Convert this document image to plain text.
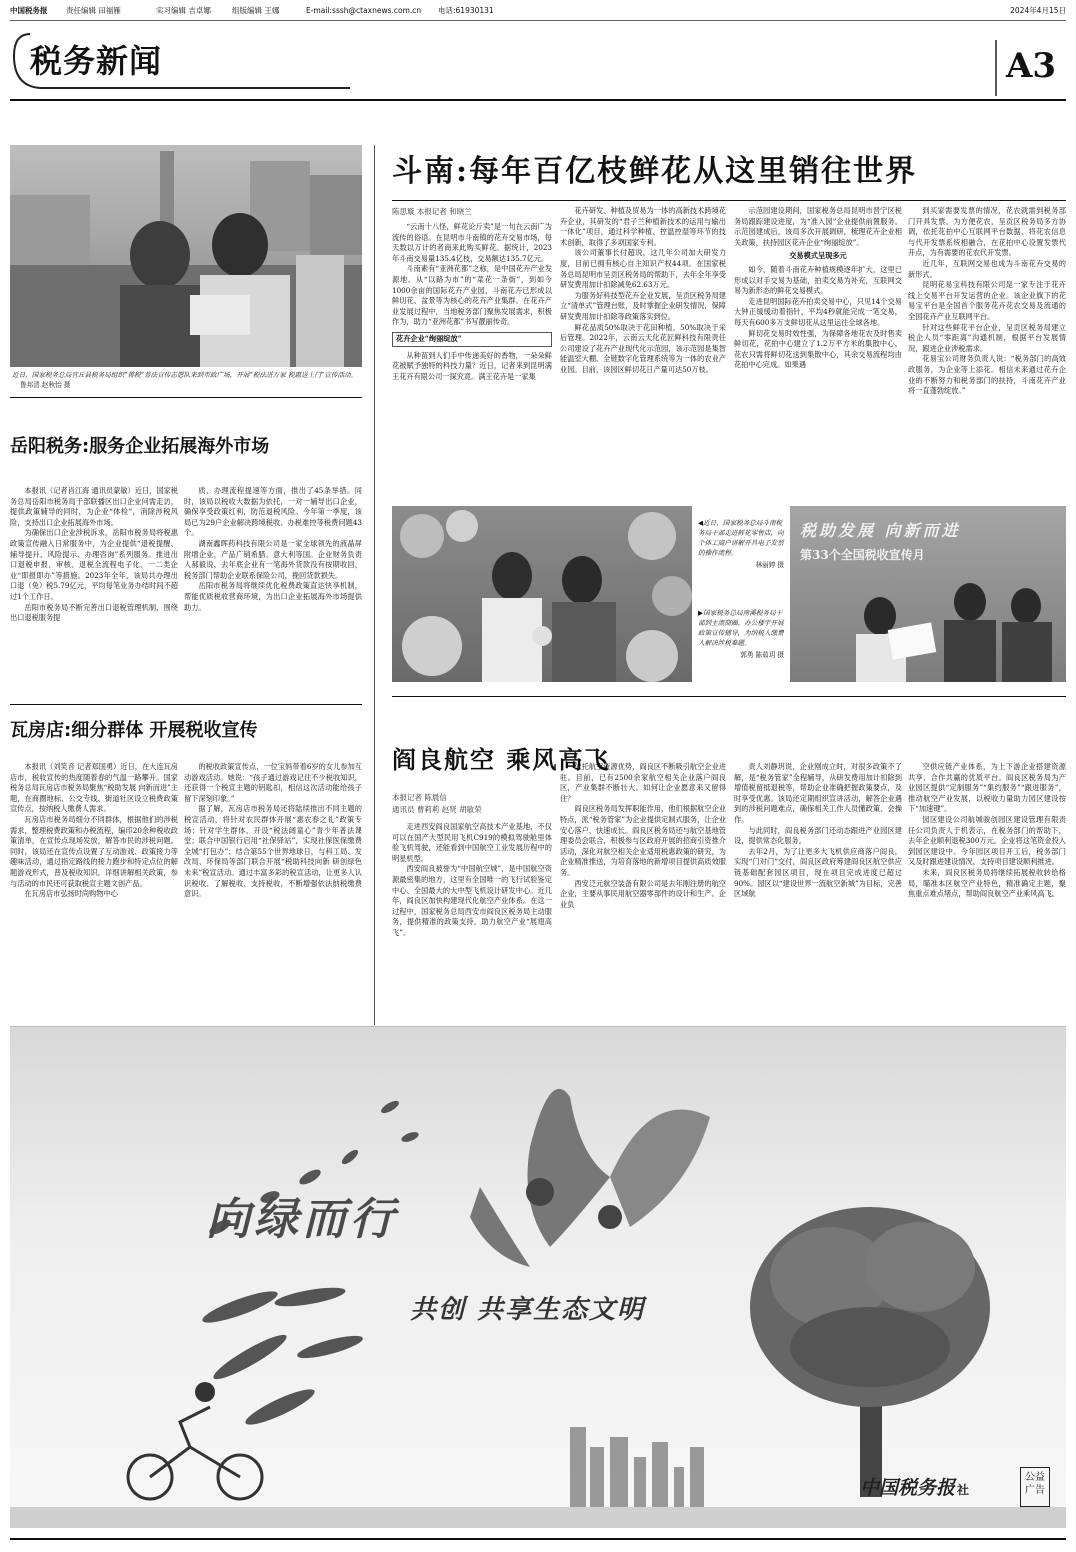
中国税务报 责任编辑 田福雁	实习编辑 吉卓娜	组版编辑 王娜	E-mail:sssh@ctaxnews.com.cn 电话:61930131	2024年4月15日
税务新闻	A3
近日，国家税务总局宜丘县税务局组织“蒋税”普法宣传志愿队来到市政广场，开展“税法进万家 税惠送上门”宣传活动。 鲁邦清 赵秋怡 摄
岳阳税务:服务企业拓展海外市场

本报讯（记者肖江海 通讯员蒙敏）近日，国家税务总局岳阳市税务局干部联播区出口企业问需走访，提供政策辅导的同时，为企业“体检”，消除涉税风险，支持出口企业拓展海外市场。

为确保出口企业涉税诉求，岳阳市税务局将税惠政策宣传融入日常服务中，为企业提供“退税提醒、辅导提升、风险提示、办理咨询”系列服务。推进出口退税申报、审核、退税全流程电子化、一二类企业“即报即办”等措施。2023年全年，该局共办理出口退（免）税5.79亿元，平均每笔业务办结时间不超过1个工作日。

岳阳市税务局不断完善出口退税管理机制，围绕出口退税服务提

质、办理流程提速等方面，推出了45条举措。同时，该局以税收大数据为依托，一对一辅导出口企业，确保享受政策红利，防范退税风险。今年第一季度，该局已为29户企业解决跨境税收、办税难控等税费问题43个。

湖南鑫晖药科技有限公司是一家全球领先的液晶屏附增企业，产品广销希腊、意大利等国。企业财务负责人郝毅说，去年底企业有一笔海外货款没有按期收回，税务部门帮助企业联系保险公司，挽回货款损失。

岳阳市税务局将继续优化税费政策直达快享机制，帮能优质税收营商环境，为出口企业拓展海外市场提供助力。

瓦房店:细分群体 开展税收宣传

本报讯（刘笑音 记者郑国勇）近日，在大连瓦房店市，税收宣传的热度随着春的气温一路攀升。国家税务总局瓦房店市税务局聚焦“税助发展 向新而进”主题，在商圈地标、公交专线、街道社区设立税费政策宣传点，按纳税人缴费人需求。

瓦房店市税务局细分不同群体，根据他们的涉税需求，整理税费政策和办税流程，编印20余种税收政策清单，在宣传点现场发放，解答市民的涉税问题。同时，该局还在宣传点设置了互动游戏、政策接力等趣味活动，通过指定路线的接力跑步和特定点位的解题游戏形式，普及税收知识，详细讲解相关政策，参与活动的市民还可获取税宣主题文创产品。

在瓦房店市弘扬时尚购物中心

的税收政策宣传点，一位宝妈带着6岁的女儿参加互动游戏活动。她说：“孩子通过游戏记住不少税收知识，还获得一个税宣主题的钥匙扣，相信这次活动能给孩子留下深刻印象。”

据了解，瓦房店市税务局还将陆续推出不同主题的税宣活动，将针对农民群体开展“惠农春之礼”政策专场；针对学生群体，开设“税法阔童心”青少年普法课堂；联合中国银行启用“社保驿站”，实现社保医保缴费全城“打包办”；结合第55个世界地球日，与科工局、发改局、环保局等部门联合开展“税助科技向新 研创绿色未来”税宣活动。通过丰富多彩的税宣活动，让更多人认识税收、了解税收、支持税收，不断增强依法纳税缴费意识。

斗南:每年百亿枝鲜花从这里销往世界
陈思璇 本报记者 和晓兰

“云南十八怪，鲜花论斤卖”是一句在云南广为流传的俗语。在昆明市斗南镇的花卉交易市场，每天数以万计的者商来此购买鲜花。据统计，2023年斗南交易量135.4亿枝，交易额达135.7亿元。

斗南素有“亚洲花都”之称，是中国花卉产业发源地。从“以路为市”的“菜花一条街”，到如今1000余亩的国际花卉产业园，斗南花卉已形成以鲜切花、盆景等为核心的花卉产业集群。在花卉产业发展过程中，当地税务部门聚焦发展需求，积极作为，助力“亚洲花都”书写靓丽传奇。

花卉企业“绚丽绽放”

从种苗到人们手中传递美好的香物，一朵朵鲜花被赋予独特的科技力量？近日，记者来到昆明满王花卉有限公司一探究竟。满王花卉是一家集

花卉研发、种植及贸易为一体的高新技术跨境花卉企业，其研发的“君子兰种植新技术的运用与输出一体化”项目，通过科学种植、控温控湿等环节的技术创新，取得了多项国家专利。

该公司董事长付超说，这几年公司加大研发力度，目前已拥有核心自主知识产权44项。在国家税务总局昆明市呈贡区税务局的帮助下，去年全年享受研发费用加计扣除减免62.63万元。

为服务好科技型花卉企业发展，呈贡区税务局建立“清单式”管理台账，及时掌握企业研发情况，保障研发费用加计扣除等政策落实到位。

鲜花品质50%取决于花田种植，50%取决于采后管理。2022年，云南云天化花匠鲜科技有限责任公司建设了花卉产业现代化示范园，该示范园是集智能温室大棚、全链数字化管理系统等为一体的农业产业园。目前，该园区鲜切花日产量可达50万枝。

示范园建设期间，国家税务总局昆明市晋宁区税务局跟踪建设进度，为“准入园”企业提供前置服务。示范园建成后，该局多次开展调研，梳理花卉企业相关政策，扶持园区花卉企业“绚丽绽放”。

交易模式呈现多元

如今，随着斗南花卉种植规模逐年扩大，这里已形成以对手交易为基础，拍卖交易为补充，互联网交易为新形态的鲜花交易模式。

走进昆明国际花卉拍卖交易中心，只见14个交易大钟正缓缓动着指针，平均4秒就能完成一笔交易，每天有600多万支鲜切花从这里运往全球各地。

鲜切花交易时效性强，为保障各地花农及时售卖鲜切花，花拍中心建立了1.2万平方米的集散中心，花农只需将鲜切花送到集散中心，其余交易流程均由花拍中心完成。如果遇

到买家需要发票的情况，花农就需到税务部门开具发票。为方便花农，呈贡区税务局多方协调，依托花拍中心互联网平台数据，将花农信息与代开发票系统相融合，在花拍中心设置发票代开点，为有需要的花农代开发票。

近几年，互联网交易也成为斗南花卉交易的新形式。

昆明花易宝科技有限公司是一家专注于花卉线上交易平台开发运营的企业。该企业旗下的花易宝平台是全国首个服务花卉花农交易及流通的全国花卉产业互联网平台。

针对这些鲜花平台企业，呈贡区税务局建立税企人员“零距离”沟通机制，根据平台发展情况，跟进企业涉税需求。

花易宝公司财务负责人说：“税务部门的高效政服务，为企业等上添花。相信未来通过花卉企业的不断努力和税务部门的扶持，斗南花卉产业将一直蓬勃绽放。”

◀近日，国家税务总局斗南税务局干部走进鲜花零售店，向个体工商户讲解开具电子发票的操作流程。
林丽婷 摄
▶国家税务总局南溪税务局干部到主流商圈、办公楼宇开展政策宣传辅导，为纳税人缴费人解决涉税难题。
郭勇 陈茹玥 摄
税助发展 向新而进
第33个全国税收宣传月
阎良航空 乘风高飞
本报记者 陈晨信
通讯员 曹莉莉 赵贤 胡敏荣

走进西安阎良国家航空高技术产业基地，不仅可以在国产大型民用飞机C919的模拟驾驶舱里体验飞机驾驶，还能看到中国航空工业发展历程中的明星机型。

西安阎良被誉为“中国航空城”，是中国航空资源最密集的地方，这里有全国唯一的飞行试验鉴定中心、全国最大的大中型飞机设计研发中心。近几年，阎良区加快构建现代化航空产业体系。在这一过程中，国家税务总局西安市阎良区税务局主动服务，提供精准的政策支持，助力航空产业“展翅高飞”。

依托航空资源优势，阎良区不断吸引航空企业进驻。目前，已有2500余家航空相关企业落户阎良区，产业集群不断壮大。如何让企业愿意来又留得住？

阎良区税务局发挥职能作用，他们根据航空企业特点，派“税务管家”为企业提供定制式服务，让企业安心落户、快速成长。阎良区税务局还与航空基地管理委员会联合，积极参与区政府开展的招商引资推介活动，深化对航空相关企业适用税惠政策的研究，为企业精准推送，为培育落地的新增项目提供高质效服务。

西安泛元航空装备有限公司是去年刚注册的航空企业，主要从事民用航空器零部件的设计和生产。企业负

责人刘静玥说，企业刚成立时，对很多政策不了解，是“税务管家”全程辅导，从研发费用加计扣除到增值税留抵退税等，帮助企业准确把握政策要点，及时享受优惠。该局还定期组织宣讲活动，解答企业遇到的涉税问题难点，确保相关工作人员懂政策、会操作。

与此同时，阎良税务部门还动态跟进产业园区建设，提供常态化服务。

去年2月，为了让更多大飞机供应商落户阎良，实现“门对门”交付，阎良区政府筹建阎良区航空供应链基础配套园区项目，现在项目完成进度已超过90%。园区以“建设世界一流航空新城”为目标，完善区域航

空供应链产业体系，为上下游企业搭建资源共享、合作共赢的优质平台。阎良区税务局为产业园区提供“定制服务”“集约服务”“跟进服务”，推动航空产业发展，以税收力量助力园区建设按下“加速键”。

园区建设公司航城骏创园区建设管理有限责任公司负责人于机表示，在税务部门的帮助下，去年企业顺利退税300万元。企业将这笔资金投入到园区建设中。今年园区项目开工后，税务部门又及时跟进建设情况，支持项目建设顺利推进。

未来，阎良区税务局将继续拓展税收转给格局，瞄准本区航空产业特色，精准确定主题，聚焦重点难点堵点，帮助阎良航空产业乘风高飞。

向绿而行
共创 共享生态文明
中国税务报 社
公益广告
